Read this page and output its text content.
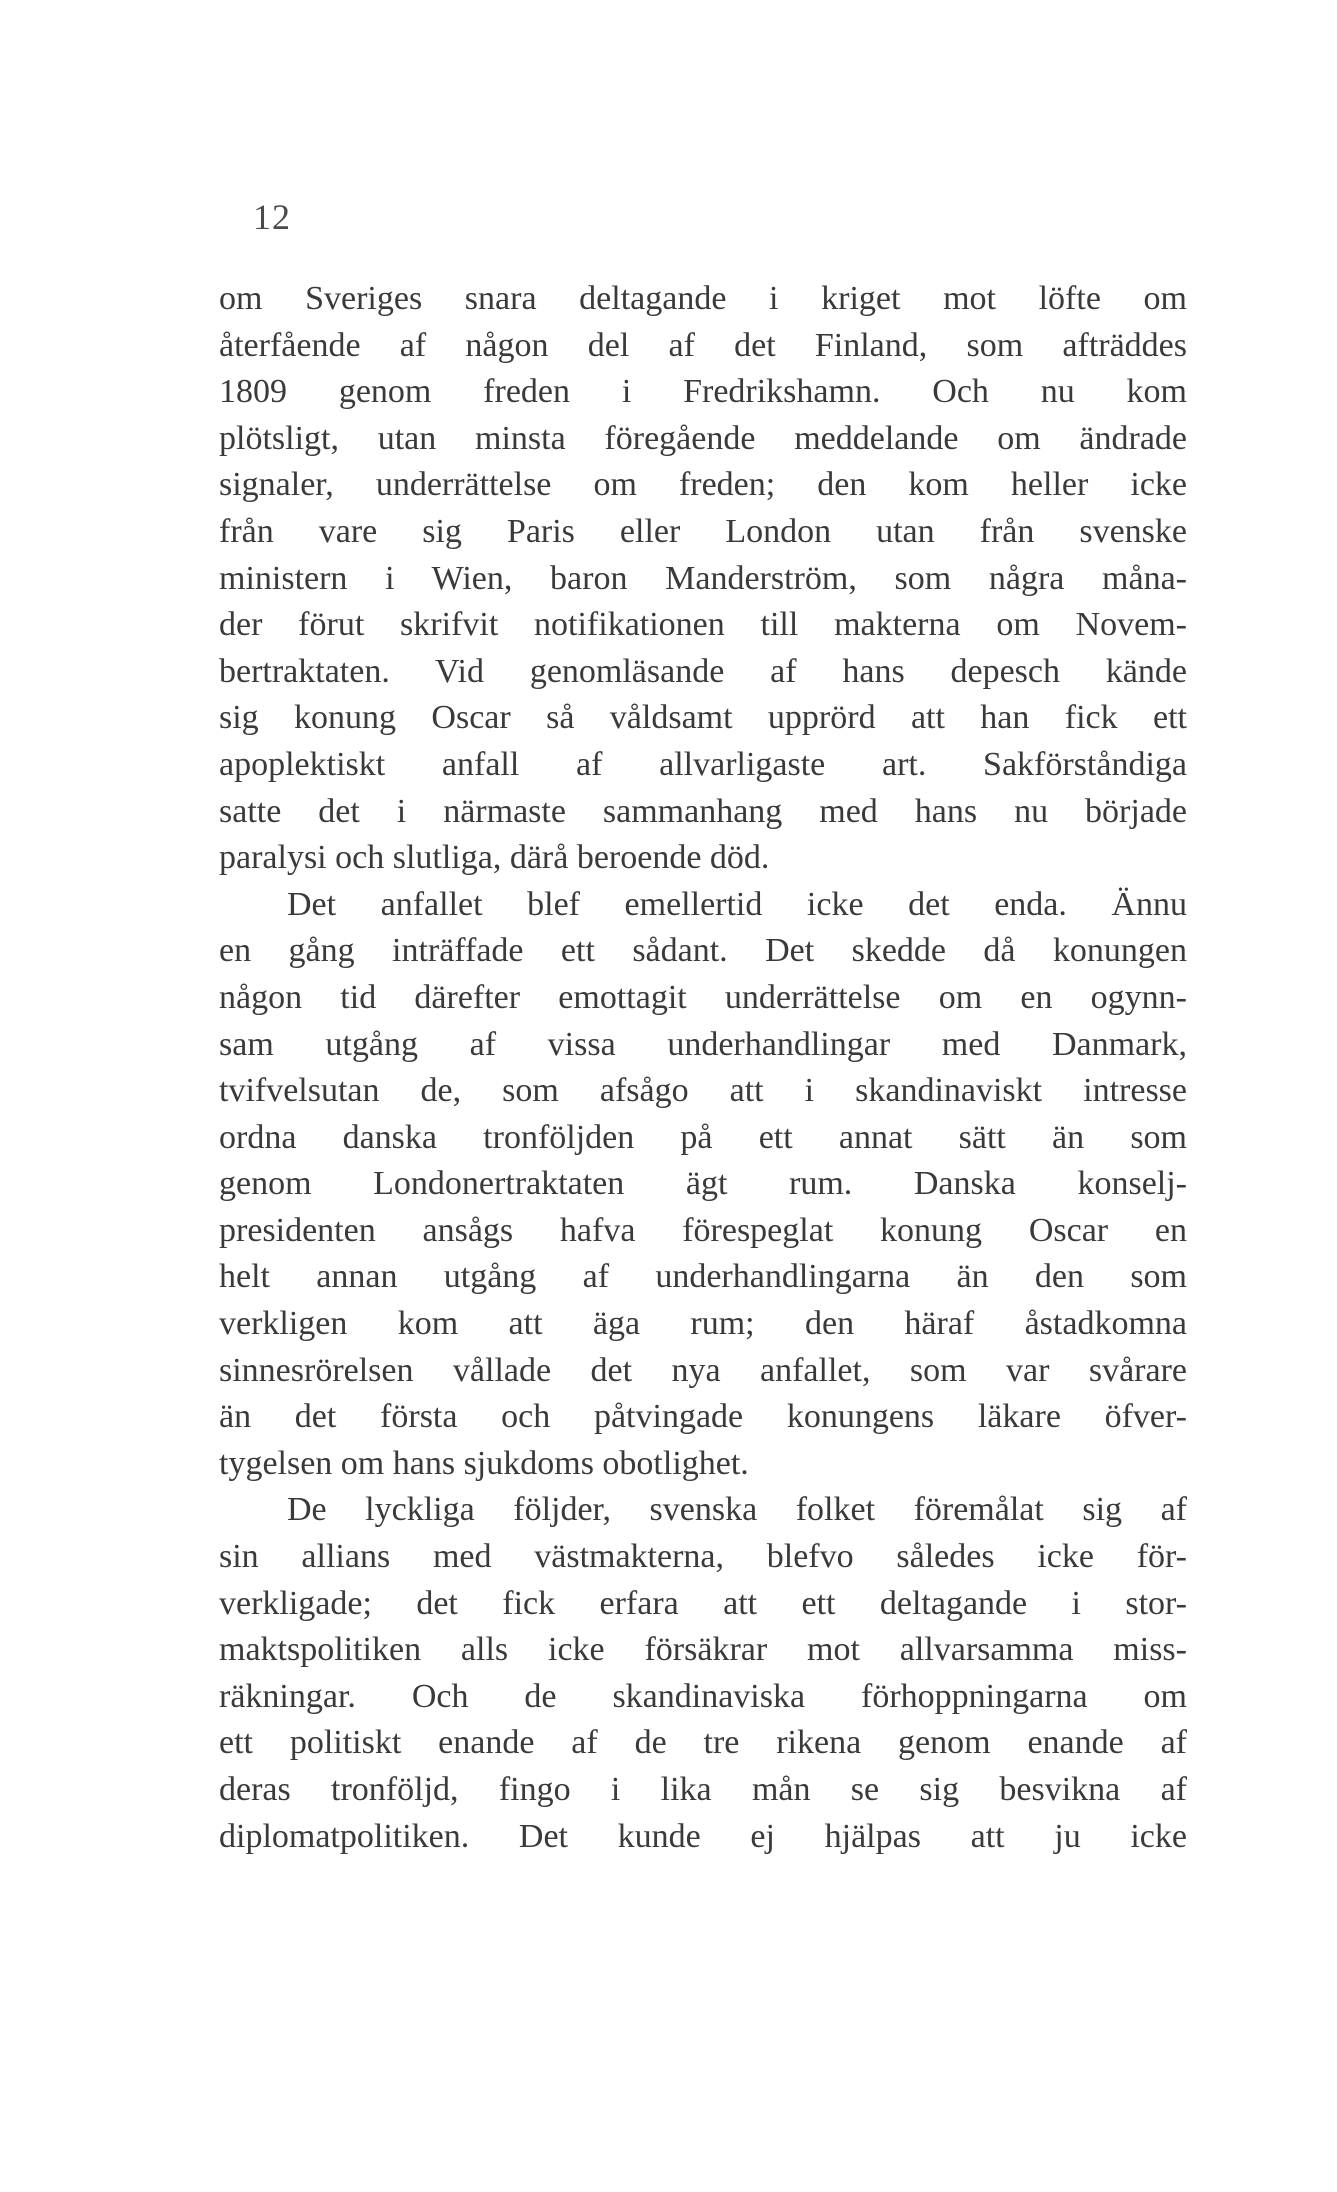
12
om Sveriges snara deltagande i kriget mot löfte om
återfående af någon del af det Finland, som afträddes
1809 genom freden i Fredrikshamn. Och nu kom
plötsligt, utan minsta föregående meddelande om ändrade
signaler, underrättelse om freden; den kom heller icke
från vare sig Paris eller London utan från svenske
ministern i Wien, baron Manderström, som några måna-
der förut skrifvit notifikationen till makterna om Novem-
bertraktaten. Vid genomläsande af hans depesch kände
sig konung Oscar så våldsamt upprörd att han fick ett
apoplektiskt anfall af allvarligaste art. Sakförståndiga
satte det i närmaste sammanhang med hans nu började
paralysi och slutliga, därå beroende död.
Det anfallet blef emellertid icke det enda. Ännu
en gång inträffade ett sådant. Det skedde då konungen
någon tid därefter emottagit underrättelse om en ogynn-
sam utgång af vissa underhandlingar med Danmark,
tvifvelsutan de, som afsågo att i skandinaviskt intresse
ordna danska tronföljden på ett annat sätt än som
genom Londonertraktaten ägt rum. Danska konselj-
presidenten ansågs hafva förespeglat konung Oscar en
helt annan utgång af underhandlingarna än den som
verkligen kom att äga rum; den häraf åstadkomna
sinnesrörelsen vållade det nya anfallet, som var svårare
än det första och påtvingade konungens läkare öfver-
tygelsen om hans sjukdoms obotlighet.
De lyckliga följder, svenska folket föremålat sig af
sin allians med västmakterna, blefvo således icke för-
verkligade; det fick erfara att ett deltagande i stor-
maktspolitiken alls icke försäkrar mot allvarsamma miss-
räkningar. Och de skandinaviska förhoppningarna om
ett politiskt enande af de tre rikena genom enande af
deras tronföljd, fingo i lika mån se sig besvikna af
diplomatpolitiken. Det kunde ej hjälpas att ju icke
